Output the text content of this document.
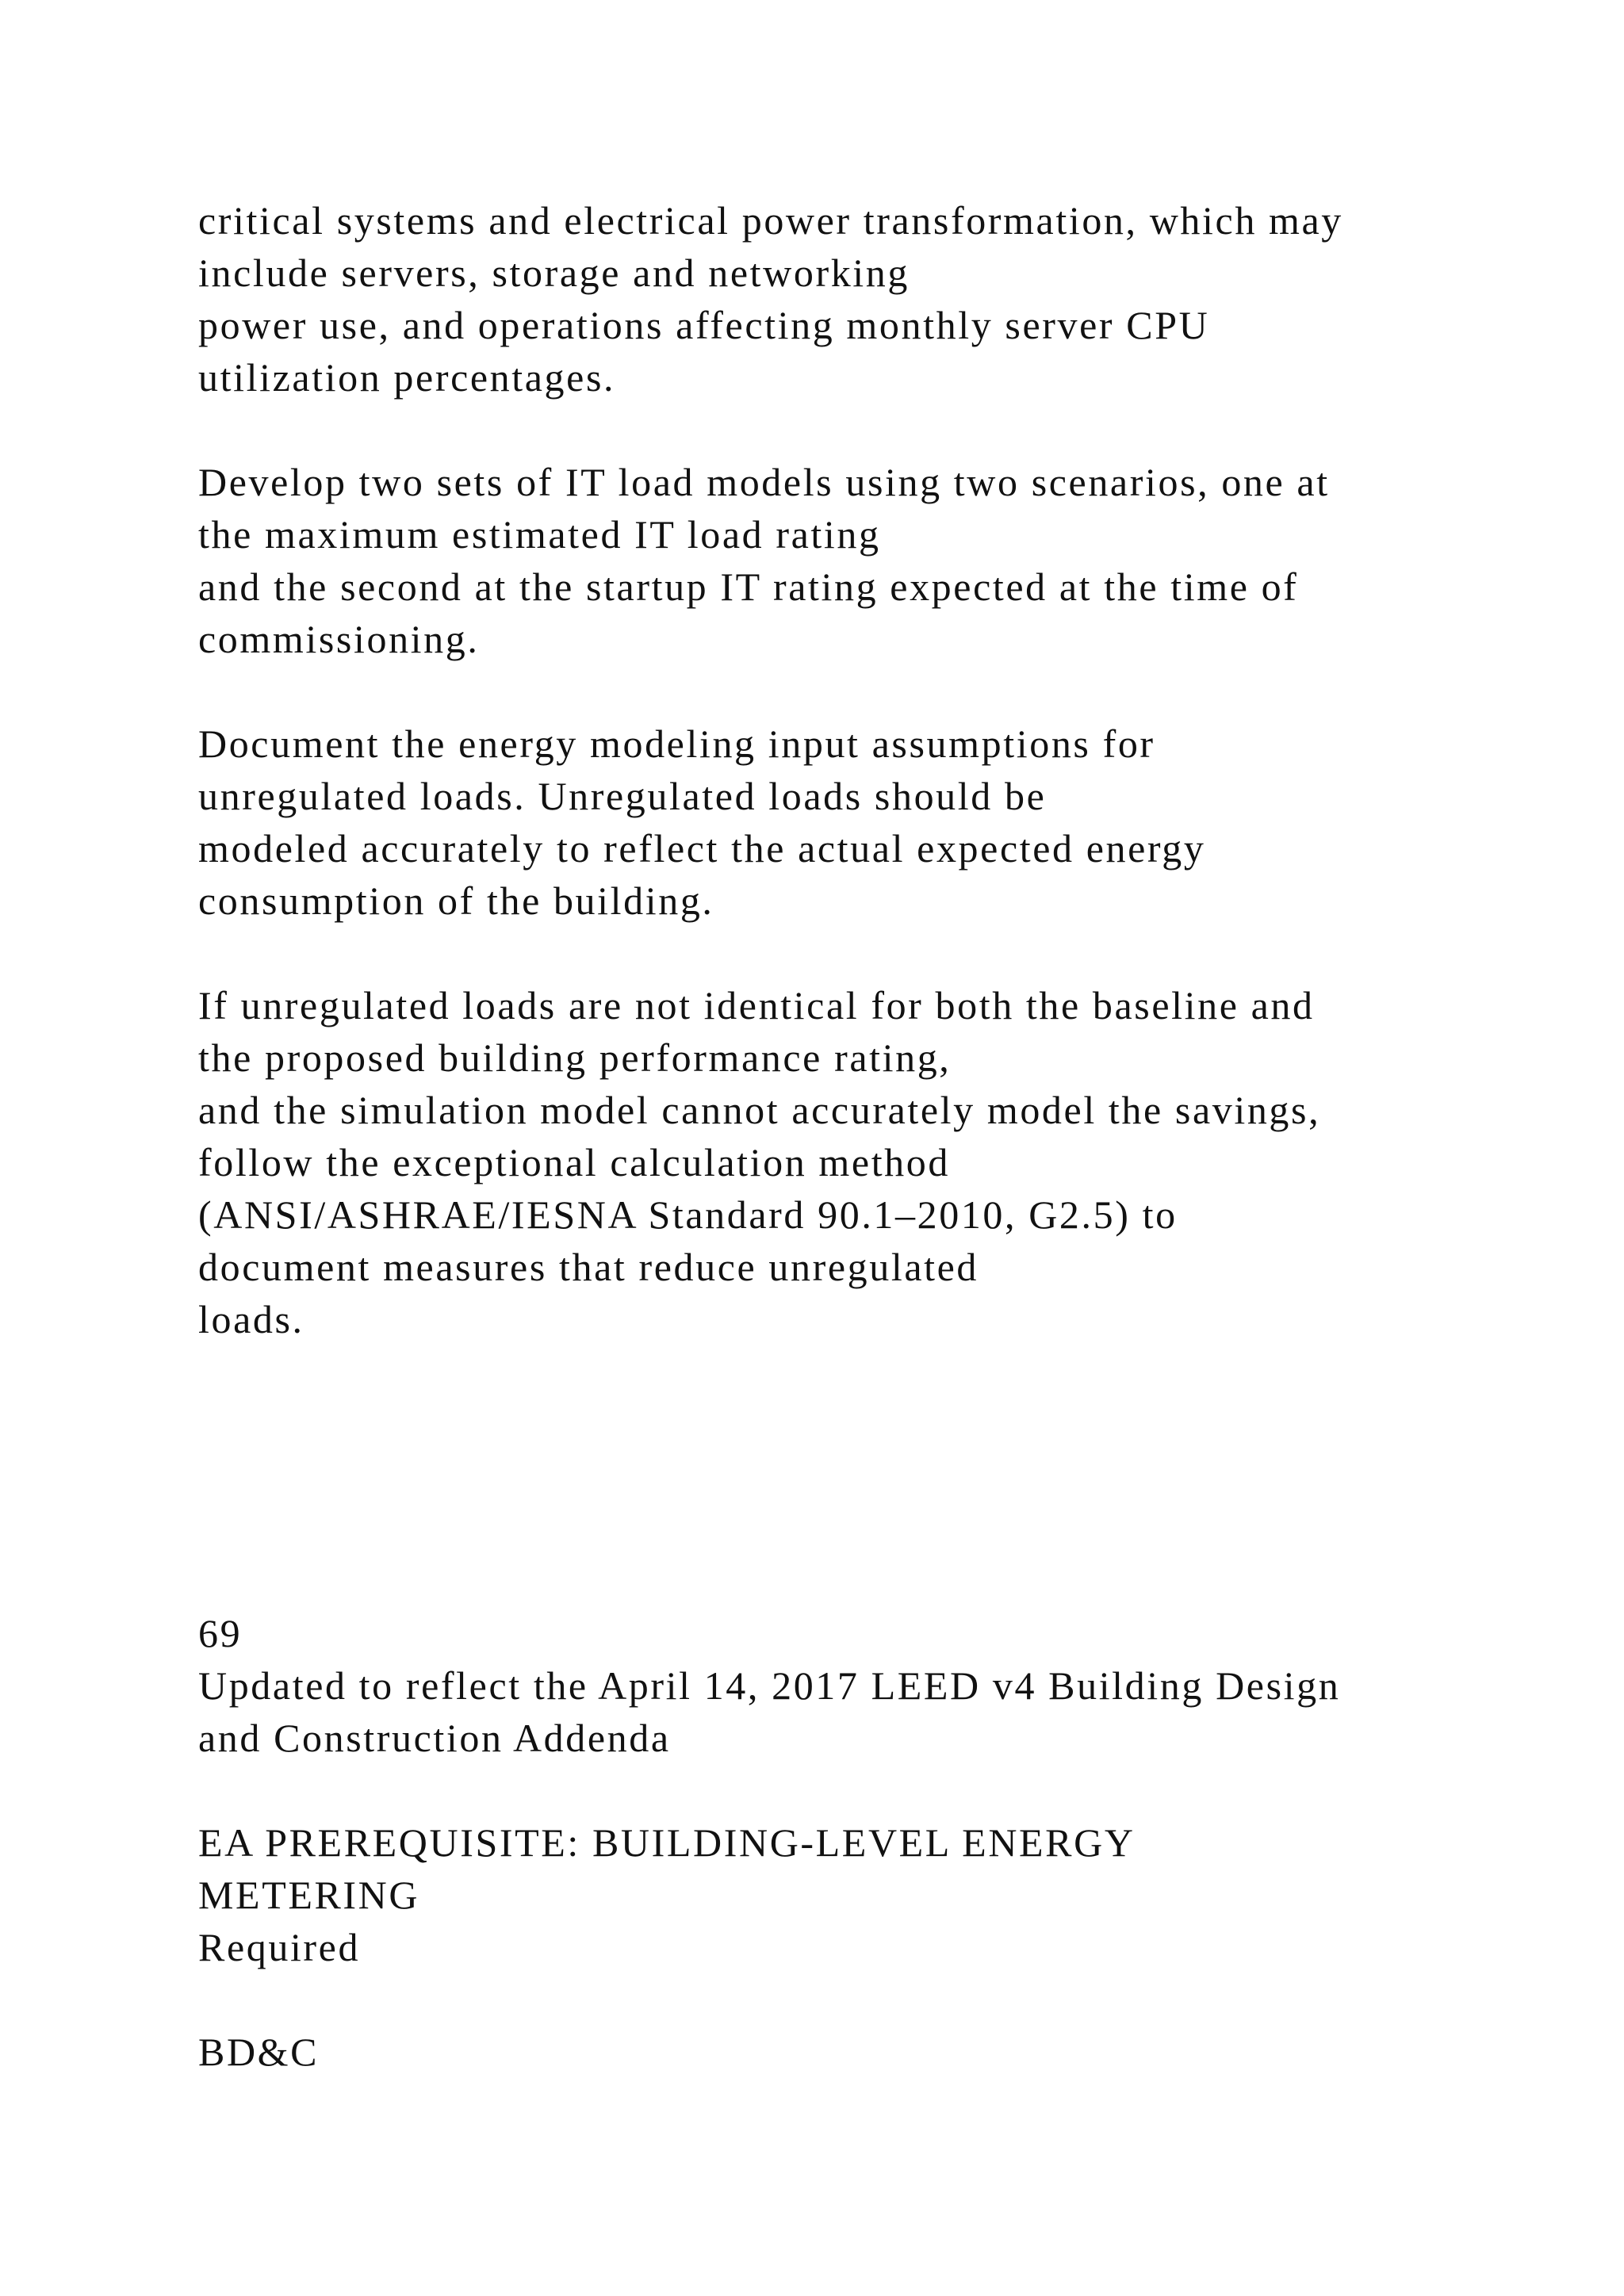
critical systems and electrical power transformation, which may
include servers, storage and networking
power use, and operations affecting monthly server CPU
utilization percentages.
Develop two sets of IT load models using two scenarios, one at
the maximum estimated IT load rating
and the second at the startup IT rating expected at the time of
commissioning.
Document the energy modeling input assumptions for
unregulated loads. Unregulated loads should be
modeled accurately to reflect the actual expected energy
consumption of the building.
If unregulated loads are not identical for both the baseline and
the proposed building performance rating,
and the simulation model cannot accurately model the savings,
follow the exceptional calculation method
(ANSI/ASHRAE/IESNA Standard 90.1–2010, G2.5) to
document measures that reduce unregulated
loads.
69
Updated to reflect the April 14, 2017 LEED v4 Building Design
and Construction Addenda
EA PREREQUISITE: BUILDING-LEVEL ENERGY
METERING
Required
BD&C
